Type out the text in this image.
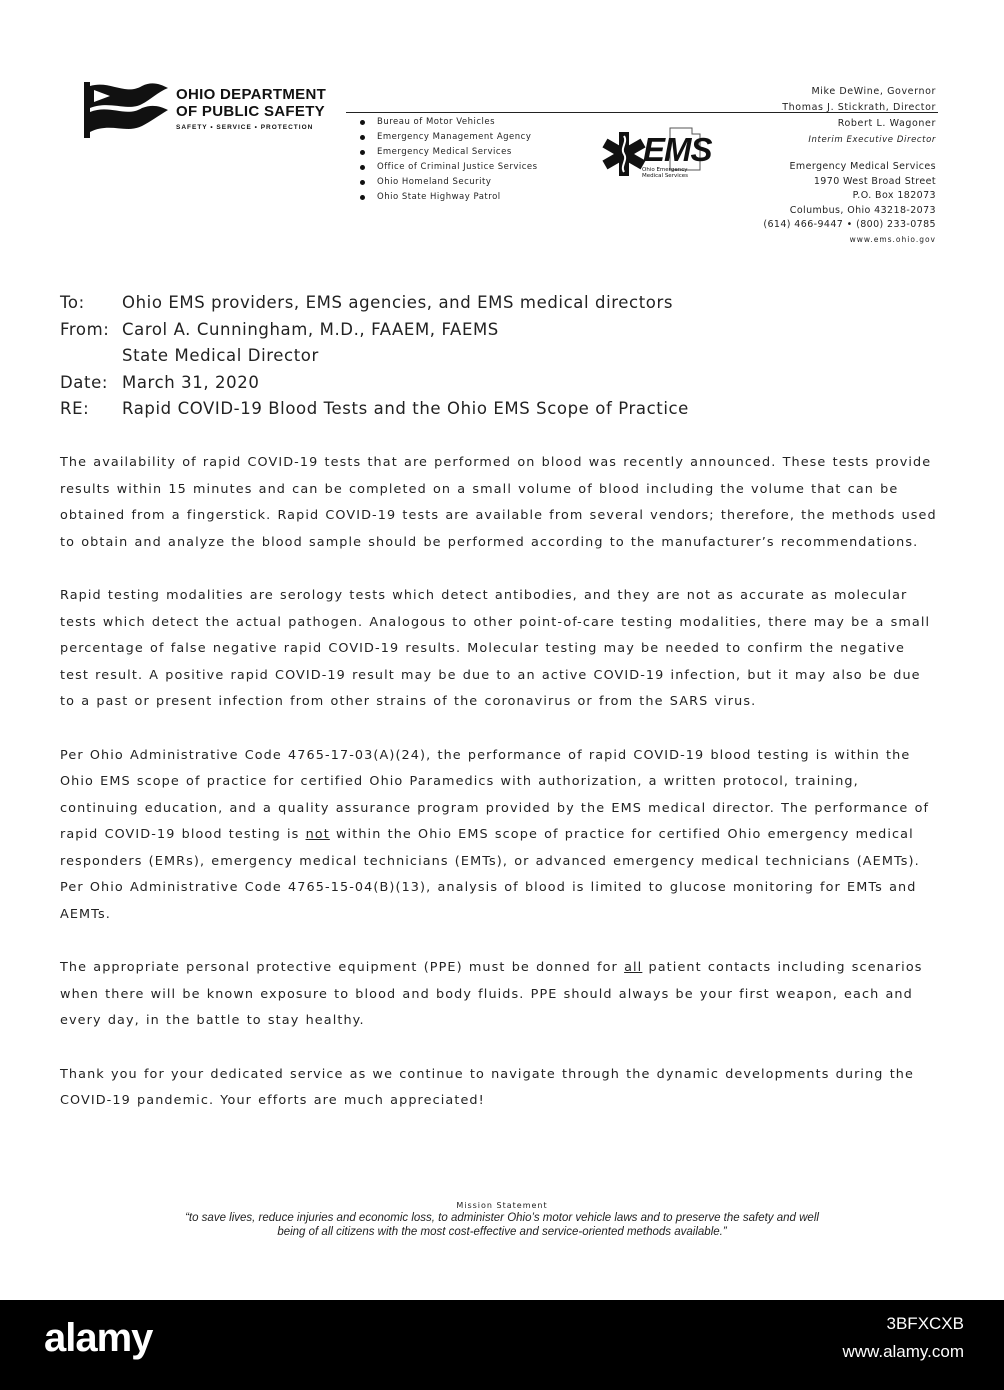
OHIO DEPARTMENT
OF PUBLIC SAFETY
SAFETY • SERVICE • PROTECTION
Bureau of Motor Vehicles
Emergency Management Agency
Emergency Medical Services
Office of Criminal Justice Services
Ohio Homeland Security
Ohio State Highway Patrol
EMS
Ohio Emergency Medical Services
Mike DeWine, Governor
Thomas J. Stickrath, Director
Robert L. Wagoner
Interim Executive Director
Emergency Medical Services
1970 West Broad Street
P.O. Box 182073
Columbus, Ohio 43218-2073
(614) 466-9447 • (800) 233-0785
www.ems.ohio.gov
To: Ohio EMS providers, EMS agencies, and EMS medical directors
From: Carol A. Cunningham, M.D., FAAEM, FAEMS
State Medical Director
Date: March 31, 2020
RE: Rapid COVID-19 Blood Tests and the Ohio EMS Scope of Practice

The availability of rapid COVID-19 tests that are performed on blood was recently announced. These tests provide results within 15 minutes and can be completed on a small volume of blood including the volume that can be obtained from a fingerstick. Rapid COVID-19 tests are available from several vendors; therefore, the methods used to obtain and analyze the blood sample should be performed according to the manufacturer’s recommendations.

Rapid testing modalities are serology tests which detect antibodies, and they are not as accurate as molecular tests which detect the actual pathogen. Analogous to other point-of-care testing modalities, there may be a small percentage of false negative rapid COVID-19 results. Molecular testing may be needed to confirm the negative test result. A positive rapid COVID-19 result may be due to an active COVID-19 infection, but it may also be due to a past or present infection from other strains of the coronavirus or from the SARS virus.

Per Ohio Administrative Code 4765-17-03(A)(24), the performance of rapid COVID-19 blood testing is within the Ohio EMS scope of practice for certified Ohio Paramedics with authorization, a written protocol, training, continuing education, and a quality assurance program provided by the EMS medical director. The performance of rapid COVID-19 blood testing is not within the Ohio EMS scope of practice for certified Ohio emergency medical responders (EMRs), emergency medical technicians (EMTs), or advanced emergency medical technicians (AEMTs). Per Ohio Administrative Code 4765-15-04(B)(13), analysis of blood is limited to glucose monitoring for EMTs and AEMTs.

The appropriate personal protective equipment (PPE) must be donned for all patient contacts including scenarios when there will be known exposure to blood and body fluids. PPE should always be your first weapon, each and every day, in the battle to stay healthy.

Thank you for your dedicated service as we continue to navigate through the dynamic developments during the COVID-19 pandemic. Your efforts are much appreciated!

Mission Statement
“to save lives, reduce injuries and economic loss, to administer Ohio’s motor vehicle laws and to preserve the safety and well being of all citizens with the most cost-effective and service-oriented methods available.”
alamy	3BFXCXB
www.alamy.com
